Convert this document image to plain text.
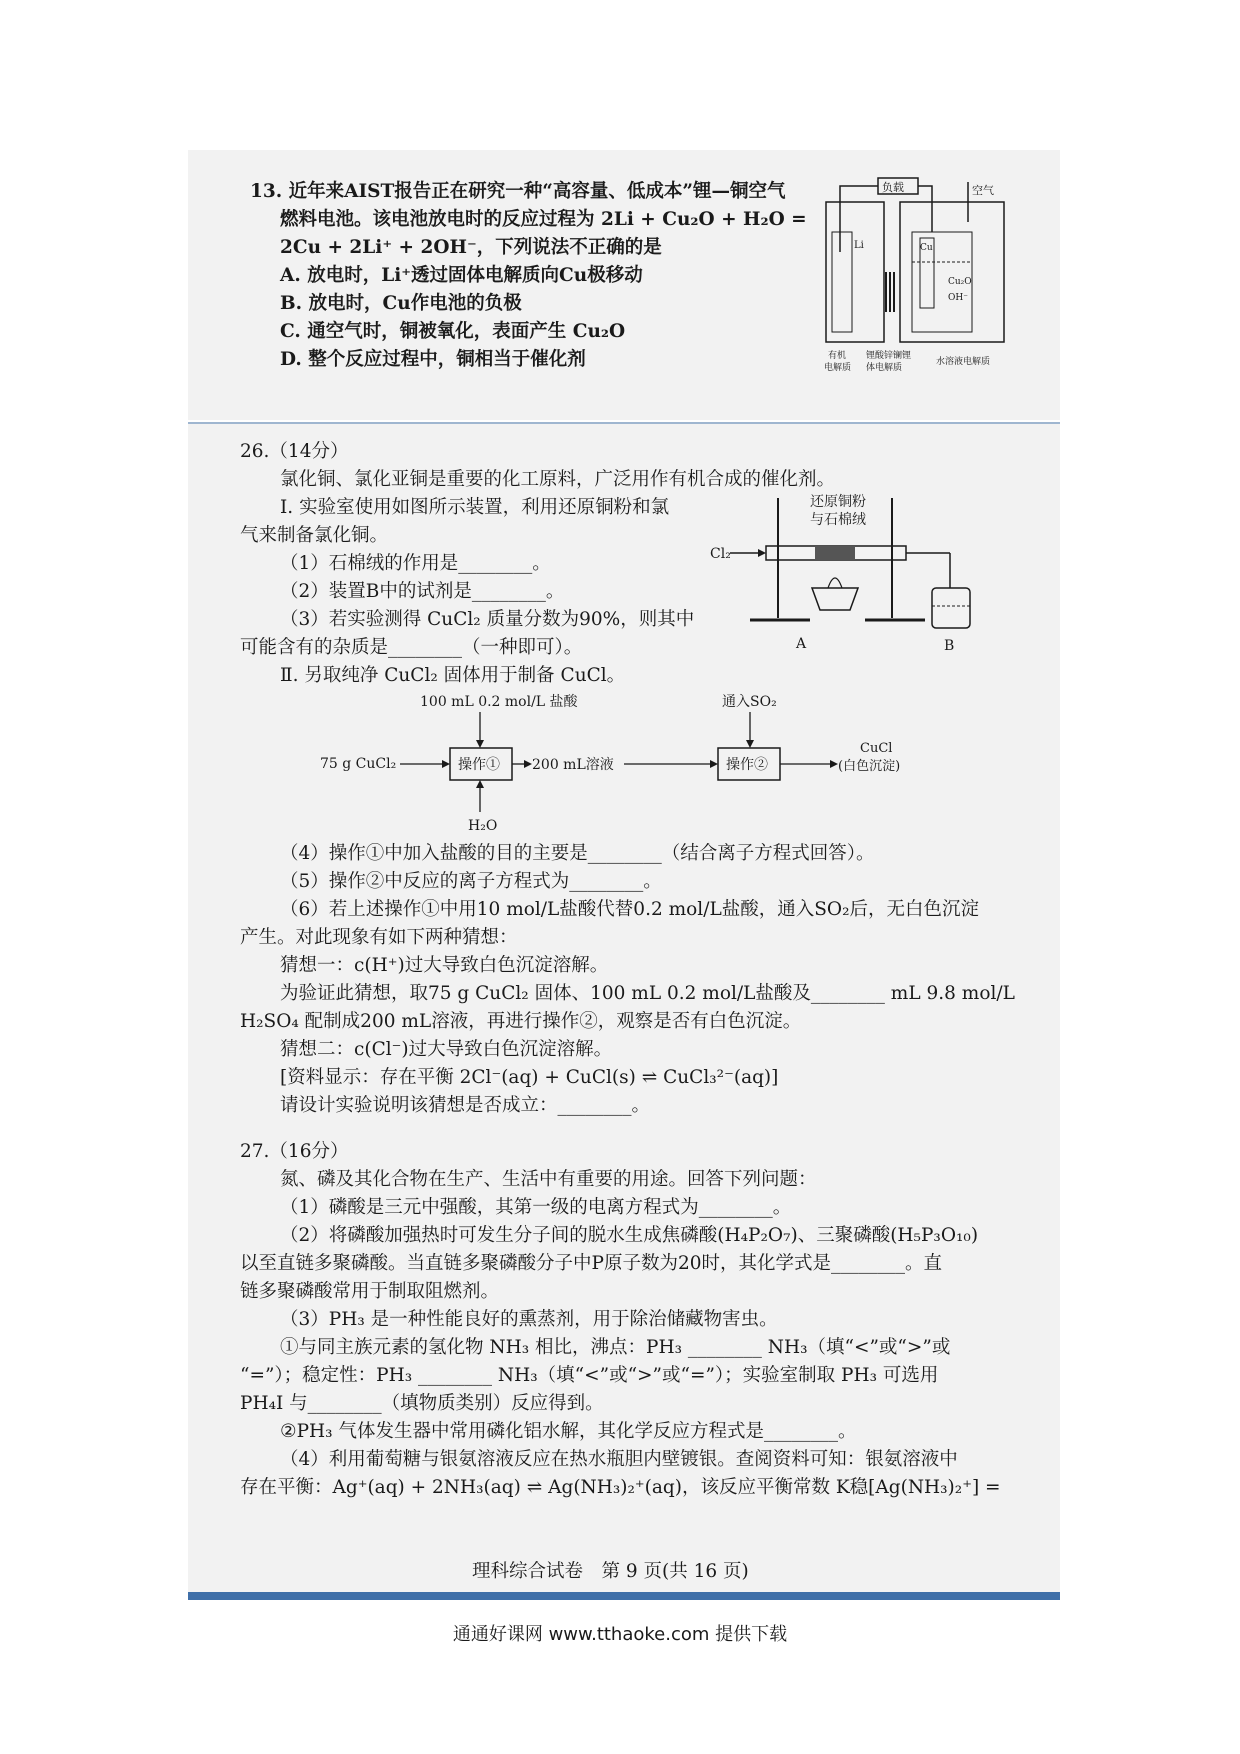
13. 近年来AIST报告正在研究一种“高容量、低成本”锂—铜空气
燃料电池。该电池放电时的反应过程为 2Li + Cu₂O + H₂O =
2Cu + 2Li⁺ + 2OH⁻，下列说法不正确的是
A. 放电时，Li⁺透过固体电解质向Cu极移动
B. 放电时，Cu作电池的负极
C. 通空气时，铜被氧化，表面产生 Cu₂O
D. 整个反应过程中，铜相当于催化剂
负载	空气
Li	Cu
Cu₂O
OH⁻
有机
电解质
锂酸锌镧锂
体电解质
水溶液电解质
26.（14分）
氯化铜、氯化亚铜是重要的化工原料，广泛用作有机合成的催化剂。
Ⅰ. 实验室使用如图所示装置，利用还原铜粉和氯
气来制备氯化铜。
（1）石棉绒的作用是________。
（2）装置B中的试剂是________。
（3）若实验测得 CuCl₂ 质量分数为90%，则其中
可能含有的杂质是________（一种即可）。
Ⅱ. 另取纯净 CuCl₂ 固体用于制备 CuCl。
还原铜粉
与石棉绒
Cl₂
A	B
100 mL 0.2 mol/L 盐酸	通入SO₂
75 g CuCl₂	操作① 200 mL溶液	操作②
CuCl
(白色沉淀)
H₂O
（4）操作①中加入盐酸的目的主要是________（结合离子方程式回答）。
（5）操作②中反应的离子方程式为________。
（6）若上述操作①中用10 mol/L盐酸代替0.2 mol/L盐酸，通入SO₂后，无白色沉淀
产生。对此现象有如下两种猜想：
猜想一：c(H⁺)过大导致白色沉淀溶解。
为验证此猜想，取75 g CuCl₂ 固体、100 mL 0.2 mol/L盐酸及________ mL 9.8 mol/L
H₂SO₄ 配制成200 mL溶液，再进行操作②，观察是否有白色沉淀。
猜想二：c(Cl⁻)过大导致白色沉淀溶解。
[资料显示：存在平衡 2Cl⁻(aq) + CuCl(s) ⇌ CuCl₃²⁻(aq)]
请设计实验说明该猜想是否成立：________。
27.（16分）
氮、磷及其化合物在生产、生活中有重要的用途。回答下列问题：
（1）磷酸是三元中强酸，其第一级的电离方程式为________。
（2）将磷酸加强热时可发生分子间的脱水生成焦磷酸(H₄P₂O₇)、三聚磷酸(H₅P₃O₁₀)
以至直链多聚磷酸。当直链多聚磷酸分子中P原子数为20时，其化学式是________。直
链多聚磷酸常用于制取阻燃剂。
（3）PH₃ 是一种性能良好的熏蒸剂，用于除治储藏物害虫。
①与同主族元素的氢化物 NH₃ 相比，沸点：PH₃ ________ NH₃（填“<”或“>”或
“=”）；稳定性：PH₃ ________ NH₃（填“<”或“>”或“=”）；实验室制取 PH₃ 可选用
PH₄I 与________（填物质类别）反应得到。
②PH₃ 气体发生器中常用磷化铝水解，其化学反应方程式是________。
（4）利用葡萄糖与银氨溶液反应在热水瓶胆内壁镀银。查阅资料可知：银氨溶液中
存在平衡：Ag⁺(aq) + 2NH₃(aq) ⇌ Ag(NH₃)₂⁺(aq)，该反应平衡常数 K稳[Ag(NH₃)₂⁺] =
理科综合试卷　第 9 页(共 16 页)
通通好课网 www.tthaoke.com 提供下载
